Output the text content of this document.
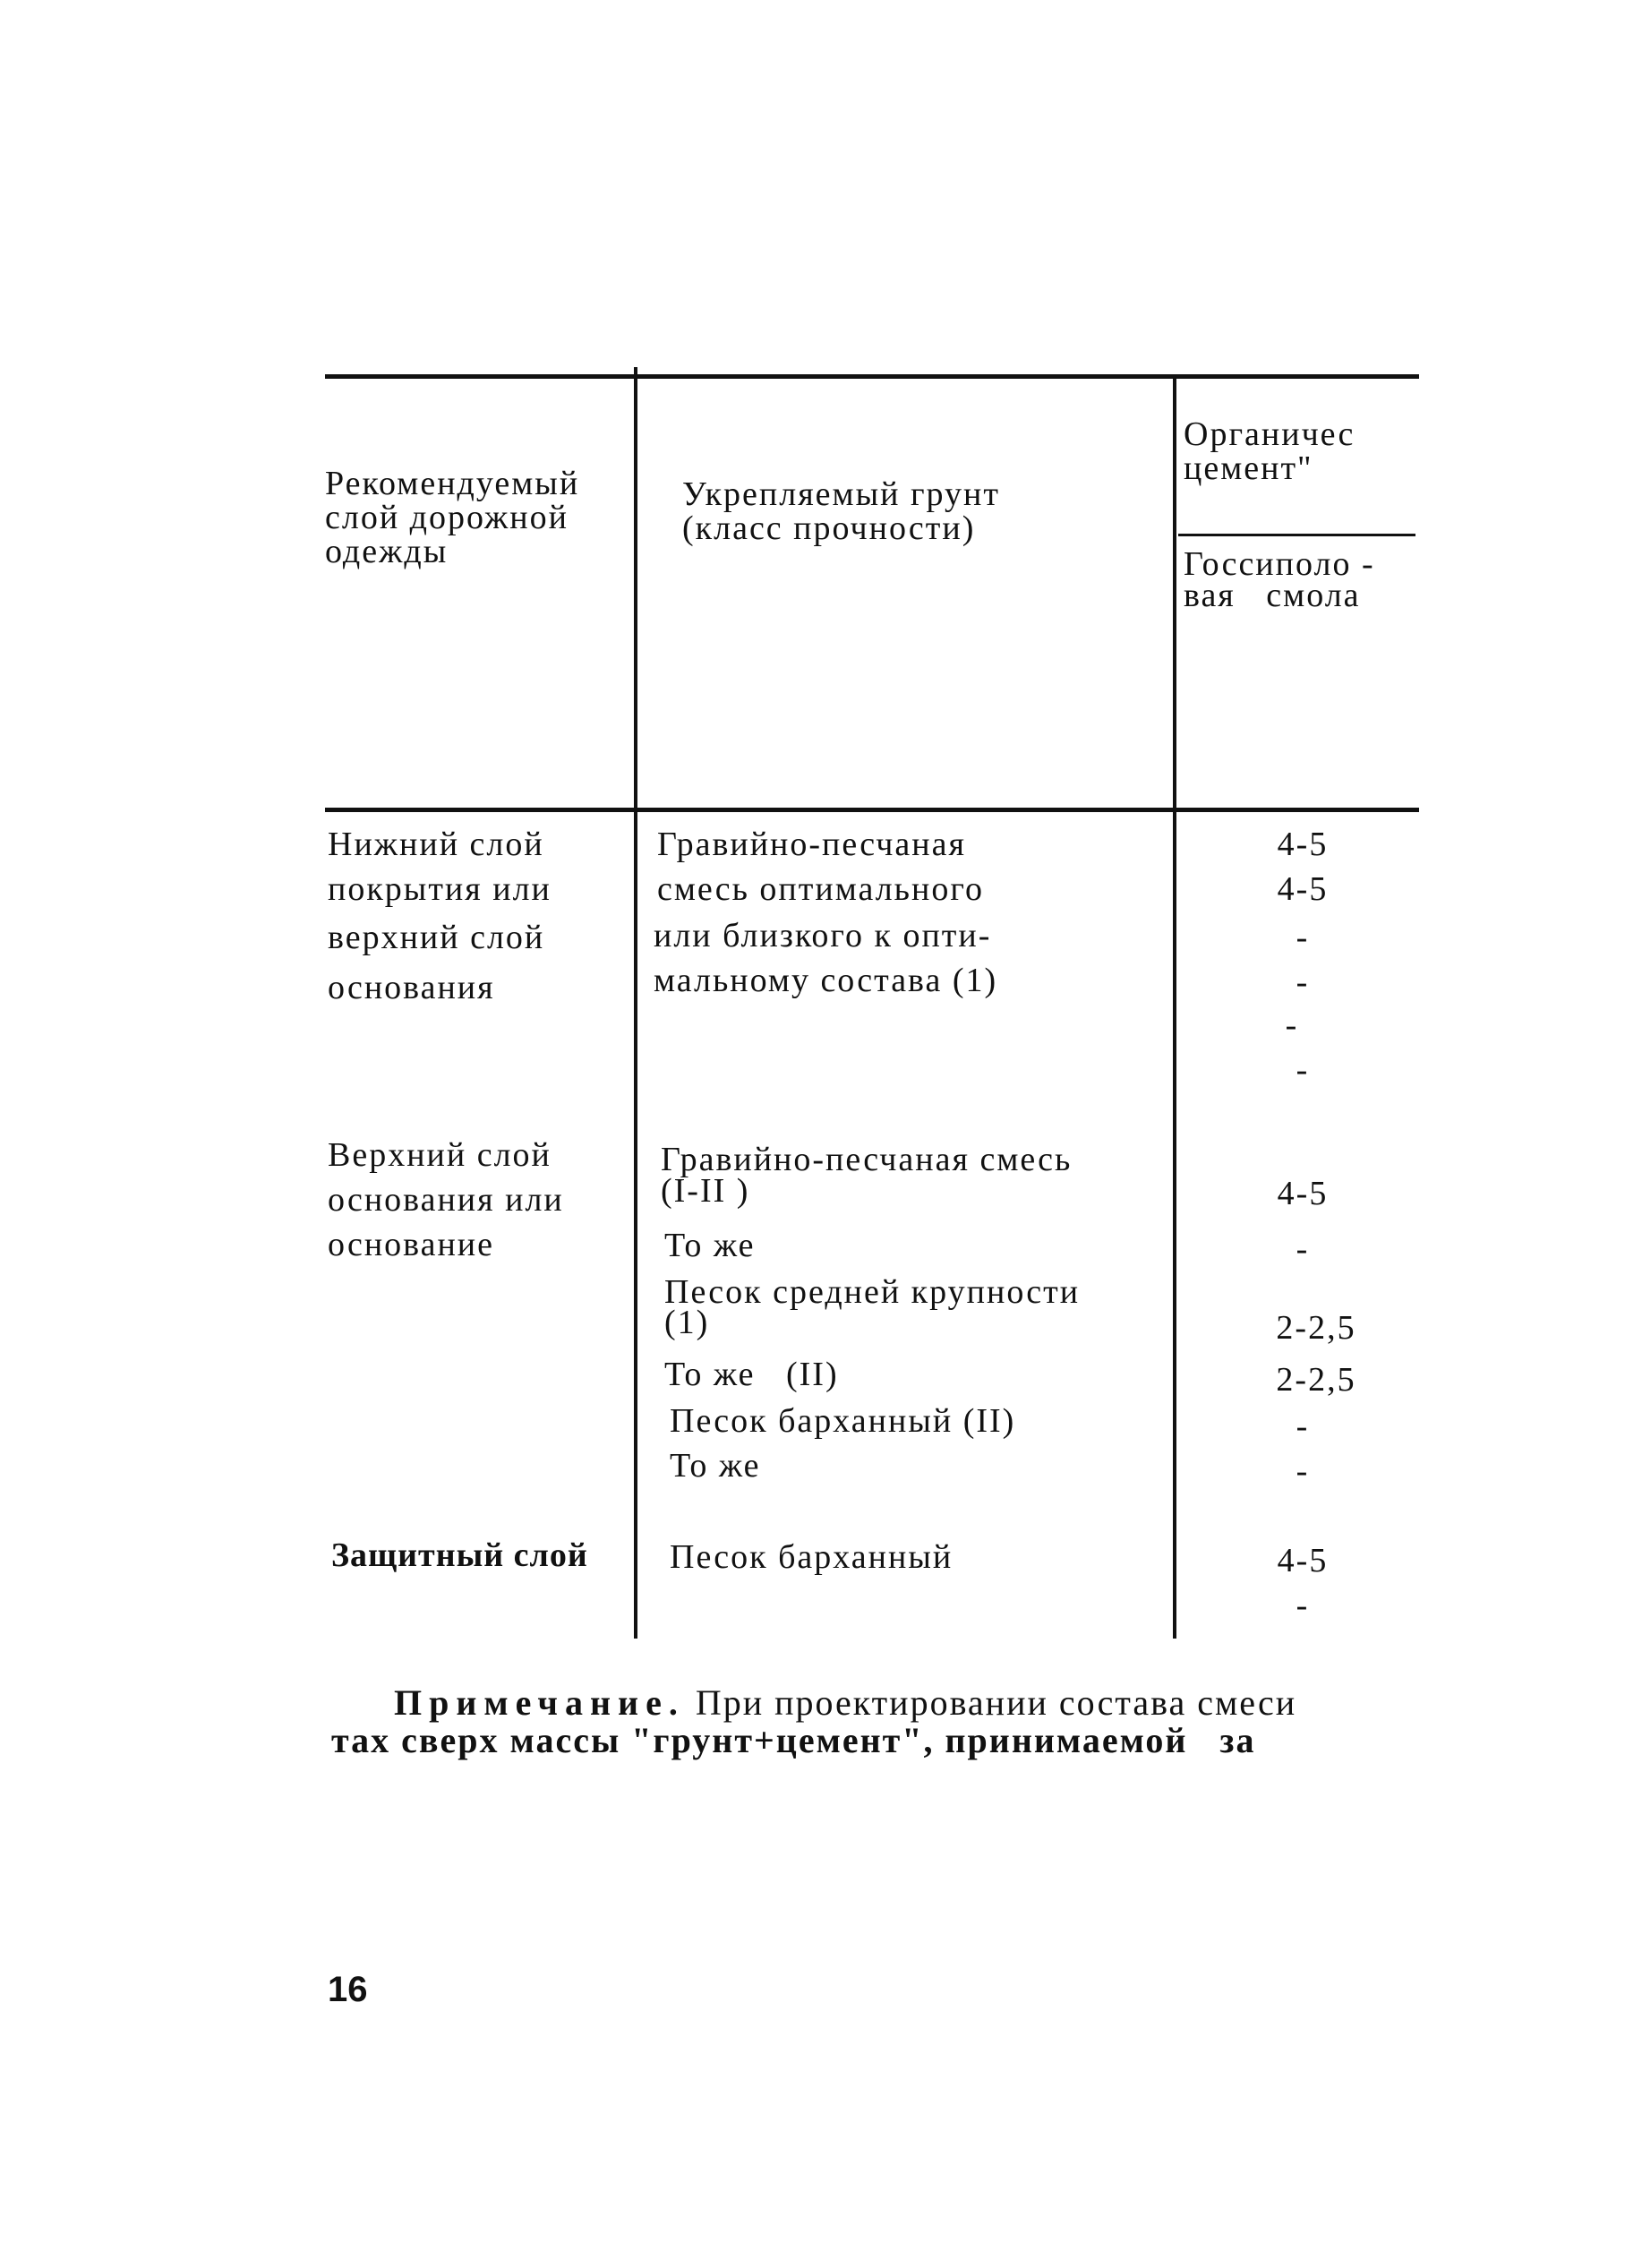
Рекомендуемый
слой дорожной
одежды
Укрепляемый грунт
(класс прочности)
Органичес
цемент"
Госсиполо -
вая   смола
Нижний слой
покрытия или
верхний слой
основания
Гравийно-песчаная
смесь оптимального
или близкого к опти-
мальному состава (1)
4-5
4-5
-
-
-
-
Верхний слой
основания или
основание
Гравийно-песчаная смесь
(I-II )
То же
Песок средней крупности
(1)
То же   (II)
Песок барханный (II)
То же
4-5
-
2-2,5
2-2,5
-
-
Защитный слой Песок барханный	4-5
-
Примечание. При проектировании состава смеси
тах сверх массы "грунт+цемент", принимаемой   за
16
